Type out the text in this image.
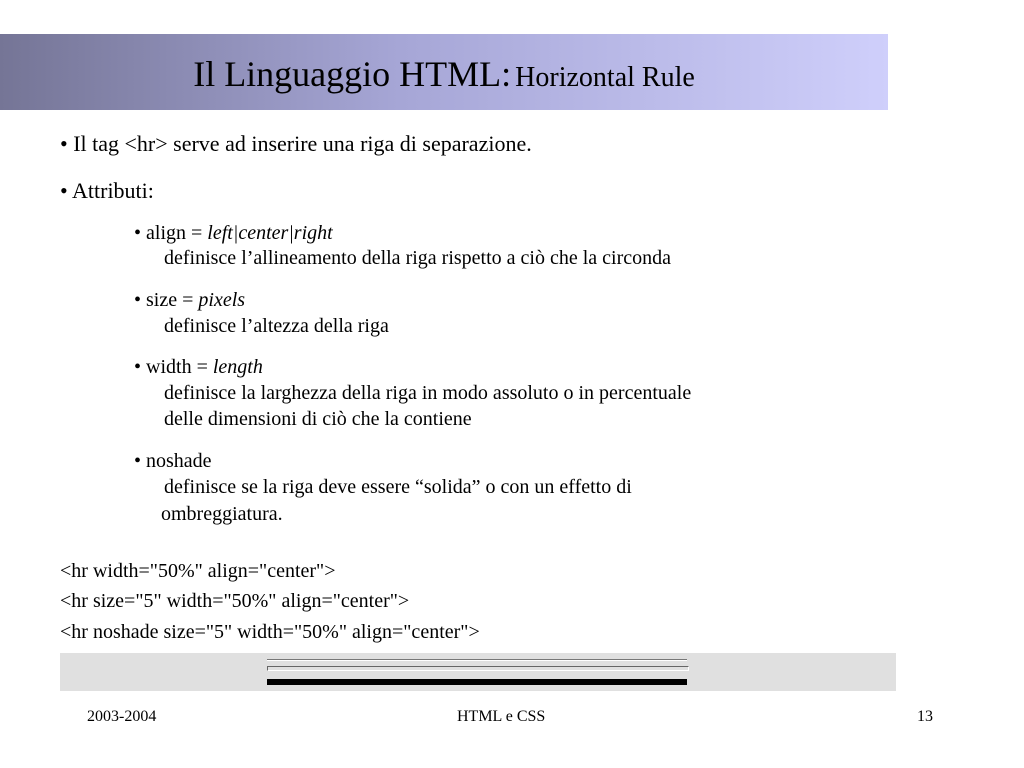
Il Linguaggio HTML: Horizontal Rule
• Il tag <hr> serve ad inserire una riga di separazione.
• Attributi:
• align = left|center|right
definisce l’allineamento della riga rispetto a ciò che la circonda
• size = pixels
definisce l’altezza della riga
• width = length
definisce la larghezza della riga in modo assoluto o in percentuale
delle dimensioni di ciò che la contiene
• noshade
definisce se la riga deve essere “solida” o con un effetto di
ombreggiatura.
<hr width="50%" align="center">
<hr size="5" width="50%" align="center">
<hr noshade size="5" width="50%" align="center">
2003-2004	HTML e CSS	13
